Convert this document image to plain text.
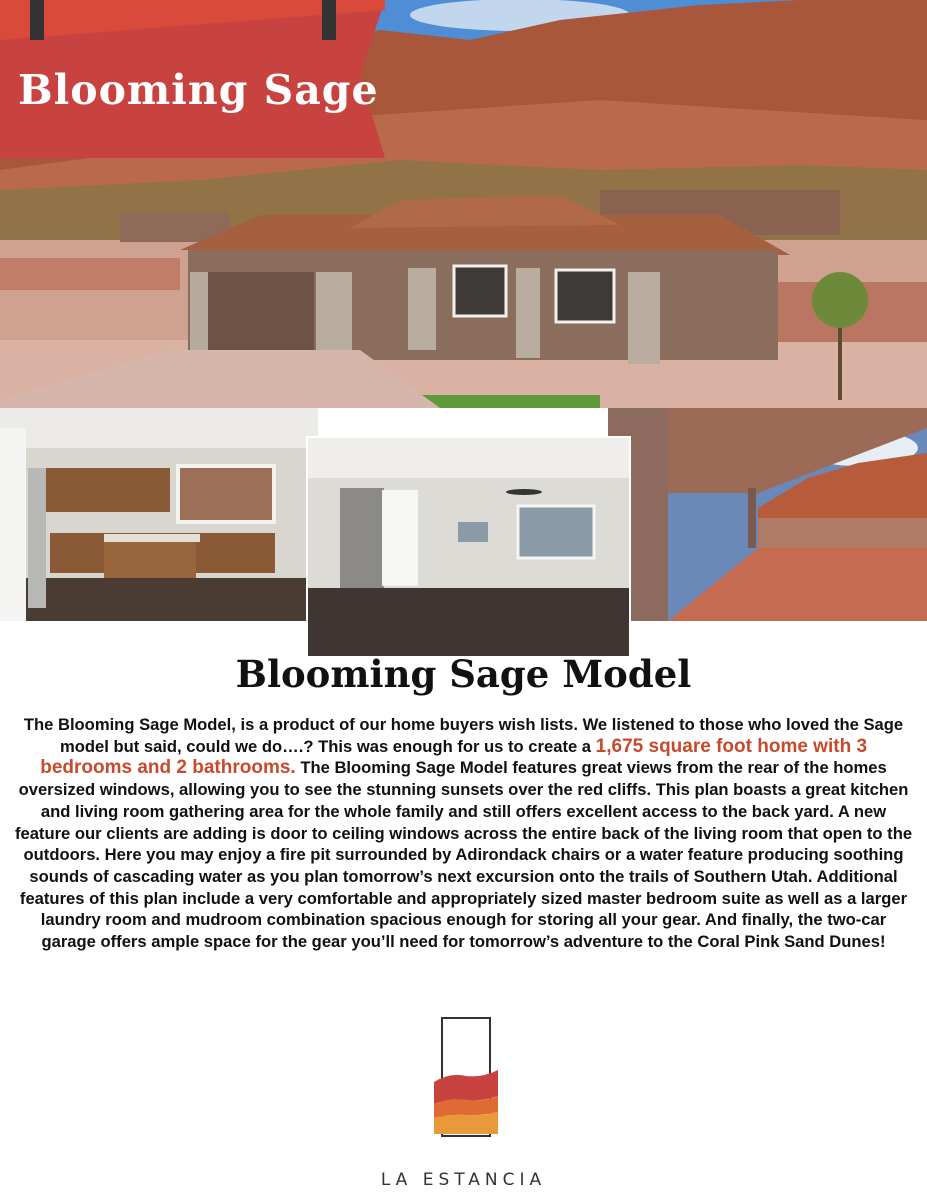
Blooming Sage
Blooming Sage Model

The Blooming Sage Model, is a product of our home buyers wish lists. We listened to those who loved the Sage model but said, could we do….? This was enough for us to create a 1,675 square foot home with 3 bedrooms and 2 bathrooms. The Blooming Sage Model features great views from the rear of the homes oversized windows, allowing you to see the stunning sunsets over the red cliffs. This plan boasts a great kitchen and living room gathering area for the whole family and still offers excellent access to the back yard. A new feature our clients are adding is door to ceiling windows across the entire back of the living room that open to the outdoors. Here you may enjoy a fire pit surrounded by Adirondack chairs or a water feature producing soothing sounds of cascading water as you plan tomorrow’s next excursion onto the trails of Southern Utah. Additional features of this plan include a very comfortable and appropriately sized master bedroom suite as well as a larger laundry room and mudroom combination spacious enough for storing all your gear. And finally, the two-car garage offers ample space for the gear you’ll need for tomorrow’s adventure to the Coral Pink Sand Dunes!

LA ESTANCIA
